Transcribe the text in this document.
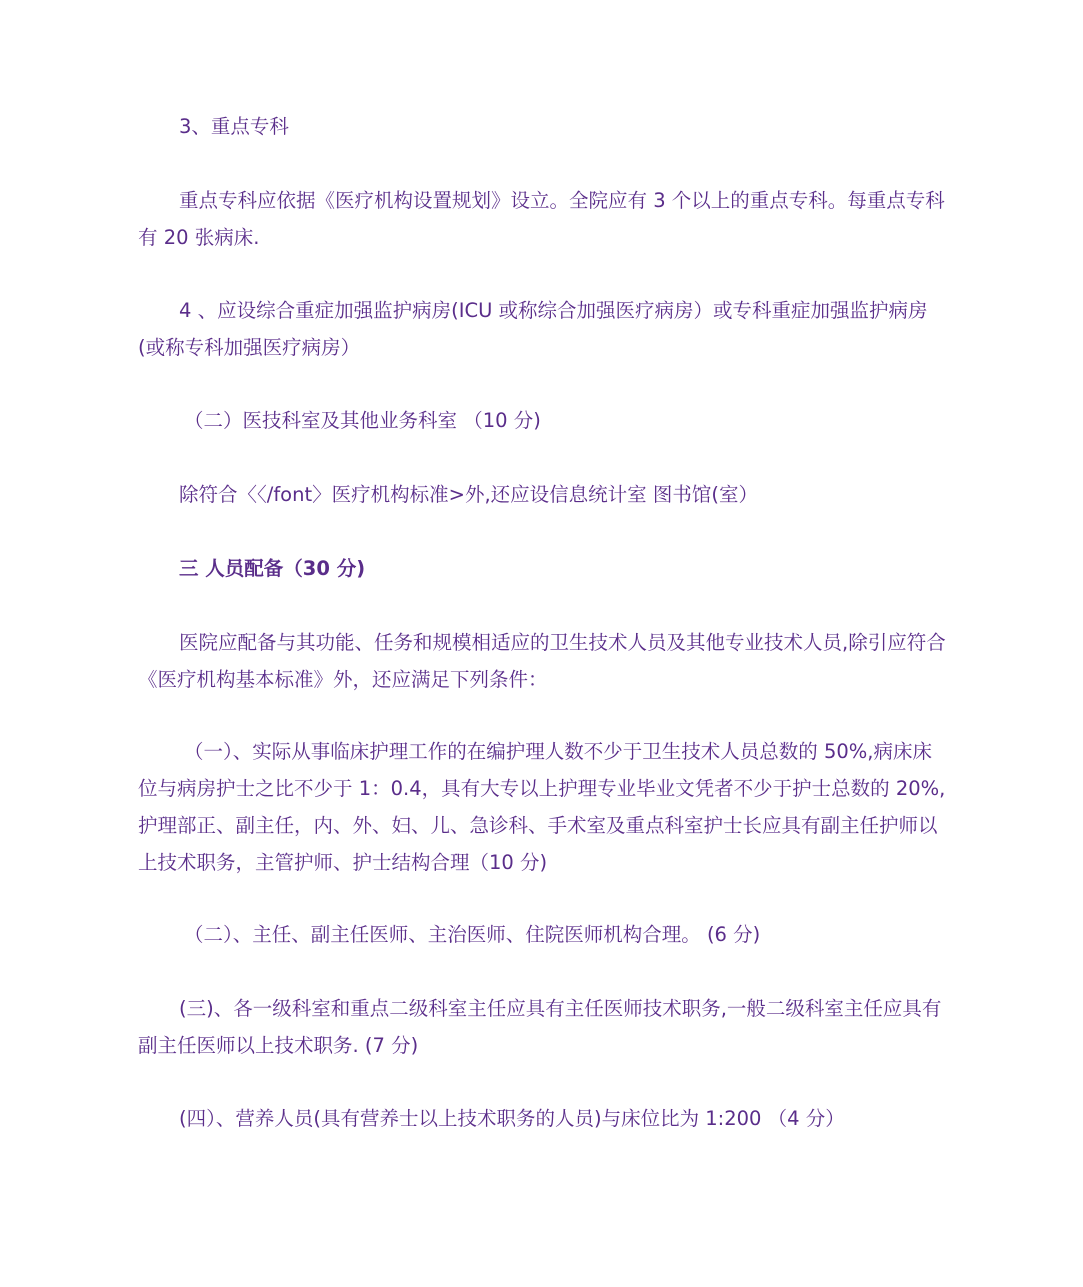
3、重点专科

重点专科应依据《医疗机构设置规划》设立。全院应有 3 个以上的重点专科。每重点专科有 20 张病床.

4 、应设综合重症加强监护病房(ICU 或称综合加强医疗病房）或专科重症加强监护病房(或称专科加强医疗病房）

（二）医技科室及其他业务科室 （10 分)

除符合〈〈/font〉医疗机构标准>外,还应设信息统计室 图书馆(室）

三 人员配备（30 分)

医院应配备与其功能、任务和规模相适应的卫生技术人员及其他专业技术人员,除引应符合《医疗机构基本标准》外，还应满足下列条件：

（一）、实际从事临床护理工作的在编护理人数不少于卫生技术人员总数的 50%,病床床位与病房护士之比不少于 1：0.4，具有大专以上护理专业毕业文凭者不少于护士总数的 20%, 护理部正、副主任，内、外、妇、儿、急诊科、手术室及重点科室护士长应具有副主任护师以上技术职务，主管护师、护士结构合理（10 分)

（二）、主任、副主任医师、主治医师、住院医师机构合理。 (6 分)

(三)、各一级科室和重点二级科室主任应具有主任医师技术职务,一般二级科室主任应具有副主任医师以上技术职务. (7 分)

(四）、营养人员(具有营养士以上技术职务的人员)与床位比为 1:200 （4 分）
